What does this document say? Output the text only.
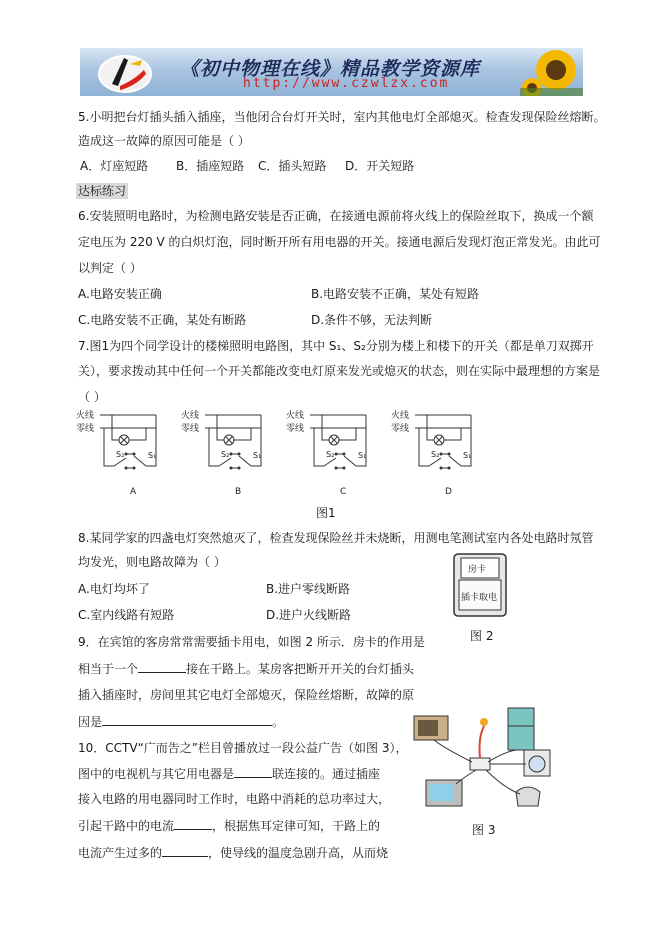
《初中物理在线》精品教学资源库
http://www.czwlzx.com
5.小明把台灯插头插入插座，当他闭合台灯开关时，室内其他电灯全部熄灭。检查发现保险丝熔断。
造成这一故障的原因可能是（ ）
A．灯座短路 B．插座短路 C．插头短路 D．开关短路
达标练习
6.安装照明电路时，为检测电路安装是否正确，在接通电源前将火线上的保险丝取下，换成一个额
定电压为 220 V 的白炽灯泡，同时断开所有用电器的开关。接通电源后发现灯泡正常发光。由此可
以判定（ ）
A.电路安装正确	B.电路安装不正确，某处有短路
C.电路安装不正确，某处有断路	D.条件不够，无法判断
7.图1为四个同学设计的楼梯照明电路图，其中 S₁、S₂分别为楼上和楼下的开关（都是单刀双掷开
关），要求拨动其中任何一个开关都能改变电灯原来发光或熄灭的状态，则在实际中最理想的方案是
（ ）
火线
零线
S₂	S₁
A
火线
零线
S₂	S₁
B
火线
零线
S₂	S₁
C
火线
零线
S₂	S₁
D
图1
8.某同学家的四盏电灯突然熄灭了，检查发现保险丝并未烧断，用测电笔测试室内各处电路时氖管
均发光，则电路故障为（ ）
A.电灯均坏了	B.进户零线断路
C.室内线路有短路	D.进户火线断路
房卡
插卡取电
图 2
9．在宾馆的客房常常需要插卡用电，如图 2 所示．房卡的作用是
相当于一个	接在干路上。某房客把断开开关的台灯插头
插入插座时，房间里其它电灯全部熄灭，保险丝熔断，故障的原
因是	。
10．CCTV“广而告之”栏目曾播放过一段公益广告（如图 3），
图中的电视机与其它用电器是	联连接的。通过插座
接入电路的用电器同时工作时，电路中消耗的总功率过大，
引起干路中的电流	，根据焦耳定律可知，干路上的
电流产生过多的	，使导线的温度急剧升高，从而烧
图 3
